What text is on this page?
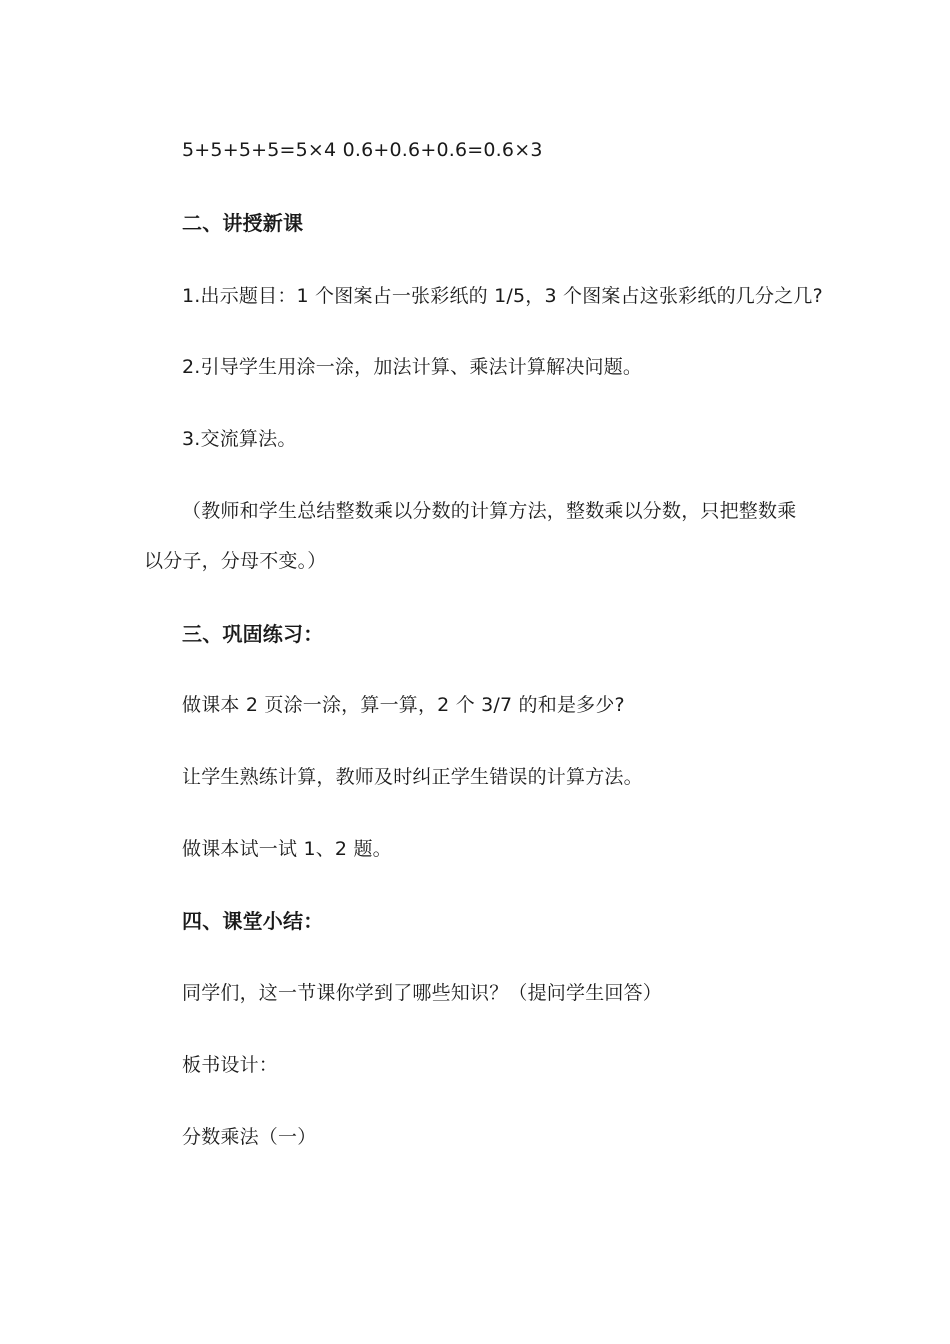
5+5+5+5=5×4 0.6+0.6+0.6=0.6×3
二、讲授新课
1.出示题目：1 个图案占一张彩纸的 1/5，3 个图案占这张彩纸的几分之几?
2.引导学生用涂一涂，加法计算、乘法计算解决问题。
3.交流算法。
（教师和学生总结整数乘以分数的计算方法，整数乘以分数，只把整数乘
以分子，分母不变。）
三、巩固练习：
做课本 2 页涂一涂，算一算，2 个 3/7 的和是多少?
让学生熟练计算，教师及时纠正学生错误的计算方法。
做课本试一试 1、2 题。
四、课堂小结：
同学们，这一节课你学到了哪些知识？（提问学生回答）
板书设计：
分数乘法（一）
